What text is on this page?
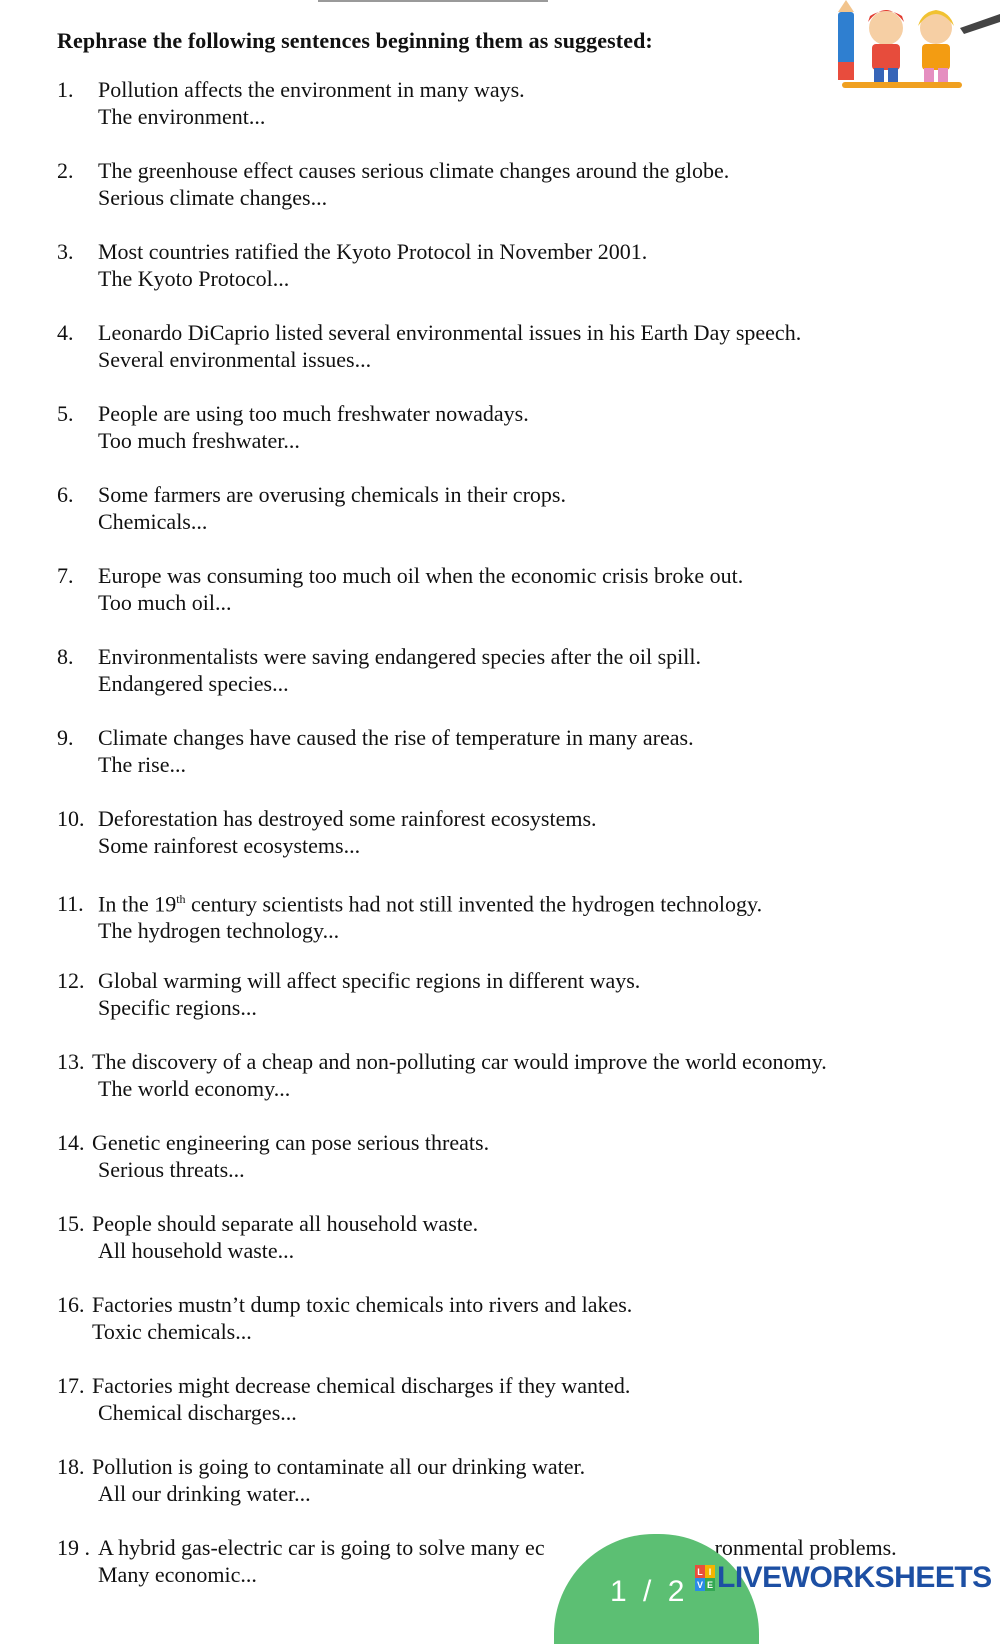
Rephrase the following sentences beginning them as suggested:
1. Pollution affects the environment in many ways.
The environment...
2. The greenhouse effect causes serious climate changes around the globe.
Serious climate changes...
3. Most countries ratified the Kyoto Protocol in November 2001.
The Kyoto Protocol...
4. Leonardo DiCaprio listed several environmental issues in his Earth Day speech.
Several environmental issues...
5. People are using too much freshwater nowadays.
Too much freshwater...
6. Some farmers are overusing chemicals in their crops.
Chemicals...
7. Europe was consuming too much oil when the economic crisis broke out.
Too much oil...
8. Environmentalists were saving endangered species after the oil spill.
Endangered species...
9. Climate changes have caused the rise of temperature in many areas.
The rise...
10. Deforestation has destroyed some rainforest ecosystems.
Some rainforest ecosystems...
11. In the 19th century scientists had not still invented the hydrogen technology.
The hydrogen technology...
12. Global warming will affect specific regions in different ways.
Specific regions...
13. The discovery of a cheap and non-polluting car would improve the world economy.
The world economy...
14. Genetic engineering can pose serious threats.
Serious threats...
15. People should separate all household waste.
All household waste...
16. Factories mustn’t dump toxic chemicals into rivers and lakes.
Toxic chemicals...
17. Factories might decrease chemical discharges if they wanted.
Chemical discharges...
18. Pollution is going to contaminate all our drinking water.
All our drinking water...
19 . A hybrid gas-electric car is going to solve many ec	ronmental problems.
Many economic...
1 / 2
L I
V E LIVEWORKSHEETS
